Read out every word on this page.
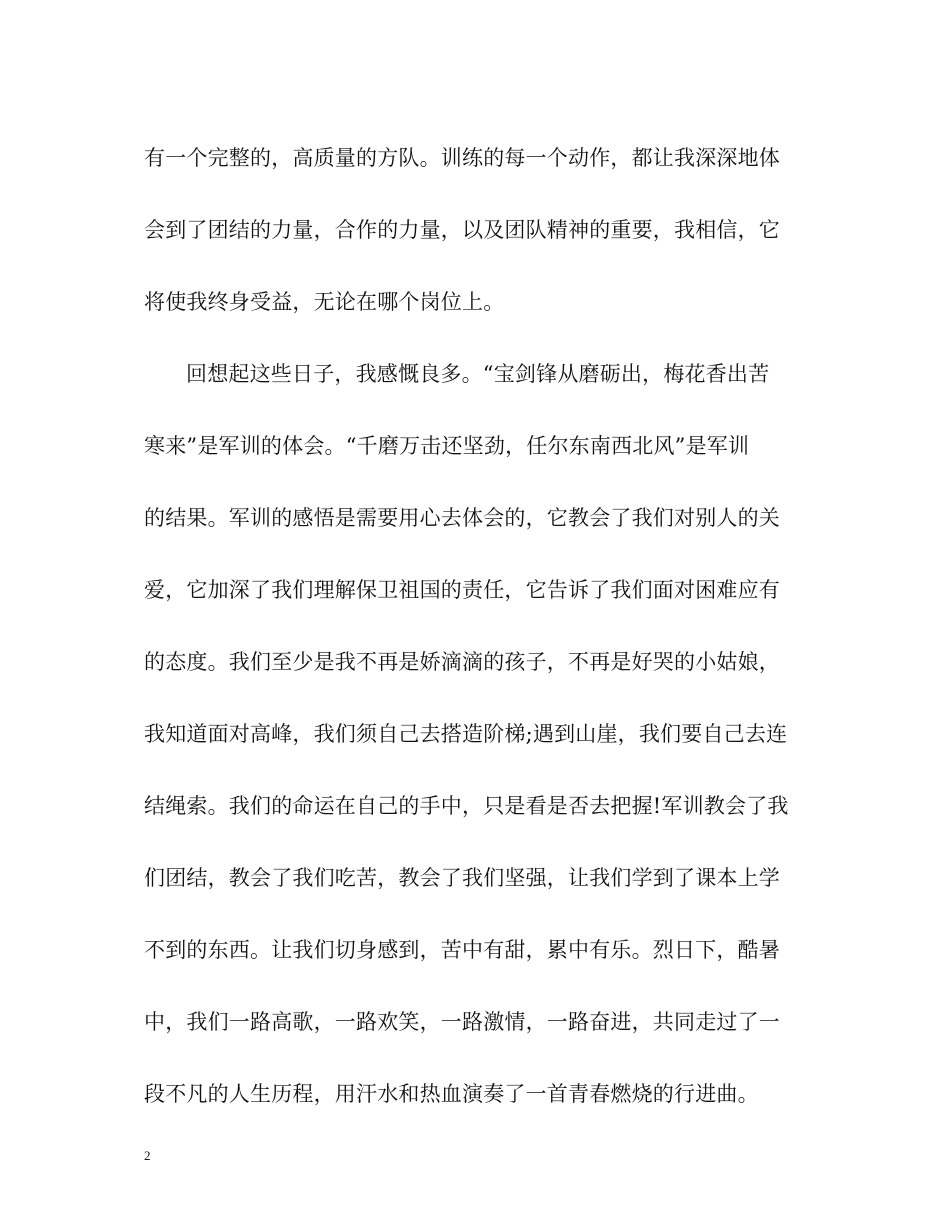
有一个完整的，高质量的方队。训练的每一个动作，都让我深深地体
会到了团结的力量，合作的力量，以及团队精神的重要，我相信，它
将使我终身受益，无论在哪个岗位上。
回想起这些日子，我感慨良多。“宝剑锋从磨砺出，梅花香出苦
寒来”是军训的体会。“千磨万击还坚劲，任尔东南西北风”是军训
的结果。军训的感悟是需要用心去体会的，它教会了我们对别人的关
爱，它加深了我们理解保卫祖国的责任，它告诉了我们面对困难应有
的态度。我们至少是我不再是娇滴滴的孩子，不再是好哭的小姑娘，
我知道面对高峰，我们须自己去搭造阶梯;遇到山崖，我们要自己去连
结绳索。我们的命运在自己的手中，只是看是否去把握!军训教会了我
们团结，教会了我们吃苦，教会了我们坚强，让我们学到了课本上学
不到的东西。让我们切身感到，苦中有甜，累中有乐。烈日下，酷暑
中，我们一路高歌，一路欢笑，一路激情，一路奋进，共同走过了一
段不凡的人生历程，用汗水和热血演奏了一首青春燃烧的行进曲。
2
